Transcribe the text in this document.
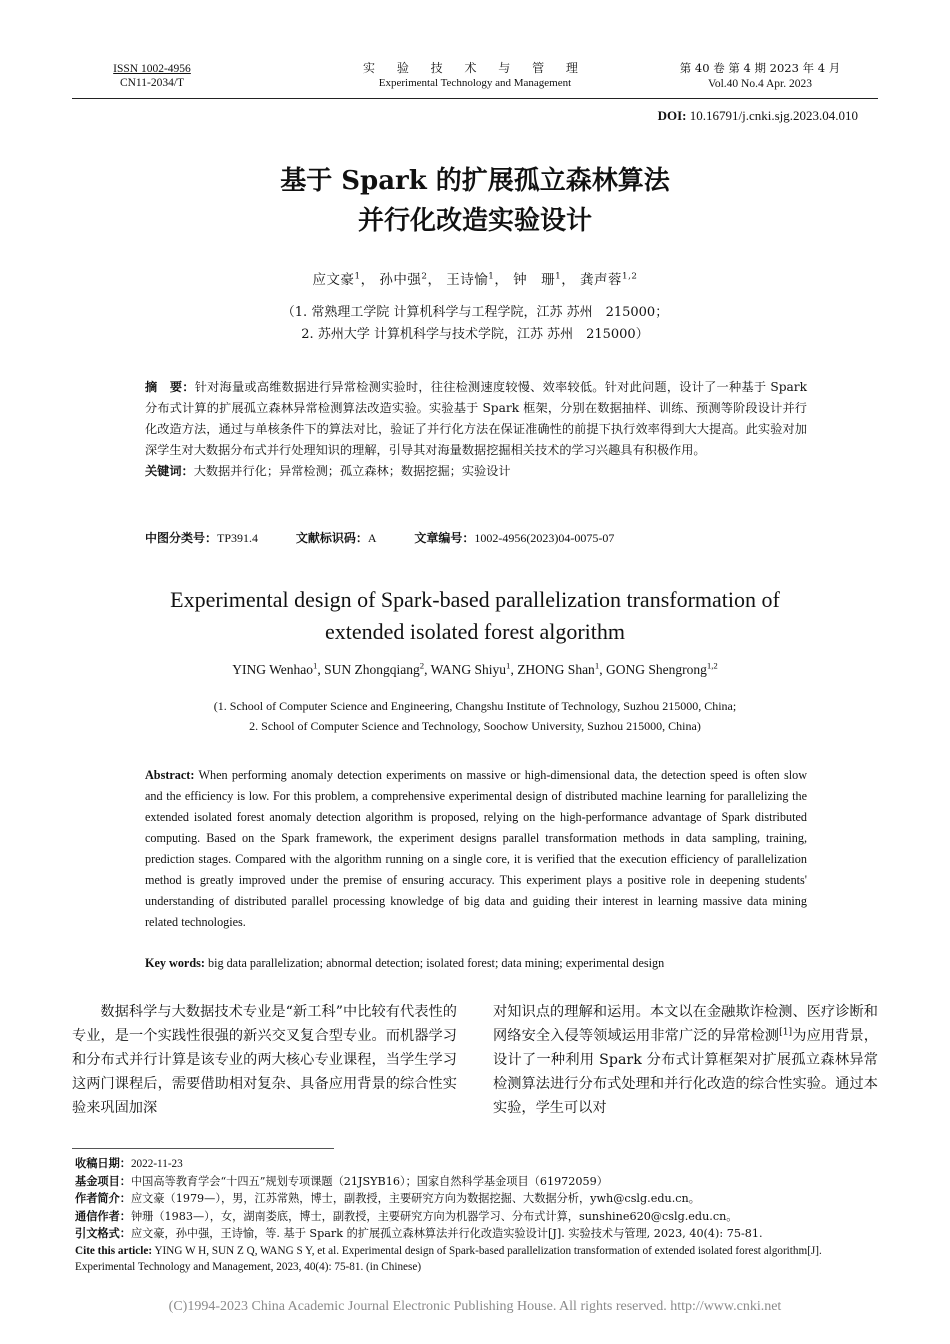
ISSN 1002-4956
CN11-2034/T
实 验 技 术 与 管 理
Experimental Technology and Management
第 40 卷 第 4 期 2023 年 4 月
Vol.40 No.4 Apr. 2023
DOI: 10.16791/j.cnki.sjg.2023.04.010
基于 Spark 的扩展孤立森林算法
并行化改造实验设计
应文豪$^1$， 孙中强$^2$， 王诗愉$^1$， 钟　珊$^1$， 龚声蓉$^{1,2}$
（1. 常熟理工学院 计算机科学与工程学院，江苏 苏州　215000；
2. 苏州大学 计算机科学与技术学院，江苏 苏州　215000）
摘　要：针对海量或高维数据进行异常检测实验时，往往检测速度较慢、效率较低。针对此问题，设计了一种基于 Spark 分布式计算的扩展孤立森林异常检测算法改造实验。实验基于 Spark 框架，分别在数据抽样、训练、预测等阶段设计并行化改造方法，通过与单核条件下的算法对比，验证了并行化方法在保证准确性的前提下执行效率得到大大提高。此实验对加深学生对大数据分布式并行处理知识的理解，引导其对海量数据挖掘相关技术的学习兴趣具有积极作用。
关键词：大数据并行化；异常检测；孤立森林；数据挖掘；实验设计
中图分类号：TP391.4	文献标识码：A	文章编号：1002-4956(2023)04-0075-07
Experimental design of Spark-based parallelization transformation of
extended isolated forest algorithm
YING Wenhao$^1$, SUN Zhongqiang$^2$, WANG Shiyu$^1$, ZHONG Shan$^1$, GONG Shengrong$^{1,2}$
(1. School of Computer Science and Engineering, Changshu Institute of Technology, Suzhou 215000, China;
2. School of Computer Science and Technology, Soochow University, Suzhou 215000, China)
Abstract: When performing anomaly detection experiments on massive or high-dimensional data, the detection speed is often slow and the efficiency is low. For this problem, a comprehensive experimental design of distributed machine learning for parallelizing the extended isolated forest anomaly detection algorithm is proposed, relying on the high-performance advantage of Spark distributed computing. Based on the Spark framework, the experiment designs parallel transformation methods in data sampling, training, prediction stages. Compared with the algorithm running on a single core, it is verified that the execution efficiency of parallelization method is greatly improved under the premise of ensuring accuracy. This experiment plays a positive role in deepening students' understanding of distributed parallel processing knowledge of big data and guiding their interest in learning massive data mining related technologies.
Key words: big data parallelization; abnormal detection; isolated forest; data mining; experimental design
数据科学与大数据技术专业是“新工科”中比较有代表性的专业，是一个实践性很强的新兴交叉复合型专业。而机器学习和分布式并行计算是该专业的两大核心专业课程，当学生学习这两门课程后，需要借助相对复杂、具备应用背景的综合性实验来巩固加深
对知识点的理解和运用。本文以在金融欺诈检测、医疗诊断和网络安全入侵等领域运用非常广泛的异常检测[1]为应用背景，设计了一种利用 Spark 分布式计算框架对扩展孤立森林异常检测算法进行分布式处理和并行化改造的综合性实验。通过本实验，学生可以对
收稿日期：2022-11-23
基金项目：中国高等教育学会“十四五”规划专项课题（21JSYB16）；国家自然科学基金项目（61972059）
作者简介：应文豪（1979—），男，江苏常熟，博士，副教授，主要研究方向为数据挖掘、大数据分析，ywh@cslg.edu.cn。
通信作者：钟珊（1983—），女，湖南娄底，博士，副教授，主要研究方向为机器学习、分布式计算，sunshine620@cslg.edu.cn。
引文格式：应文豪，孙中强，王诗愉，等. 基于 Spark 的扩展孤立森林算法并行化改造实验设计[J]. 实验技术与管理, 2023, 40(4): 75-81.
Cite this article: YING W H, SUN Z Q, WANG S Y, et al. Experimental design of Spark-based parallelization transformation of extended isolated forest algorithm[J]. Experimental Technology and Management, 2023, 40(4): 75-81. (in Chinese)
(C)1994-2023 China Academic Journal Electronic Publishing House. All rights reserved. http://www.cnki.net
